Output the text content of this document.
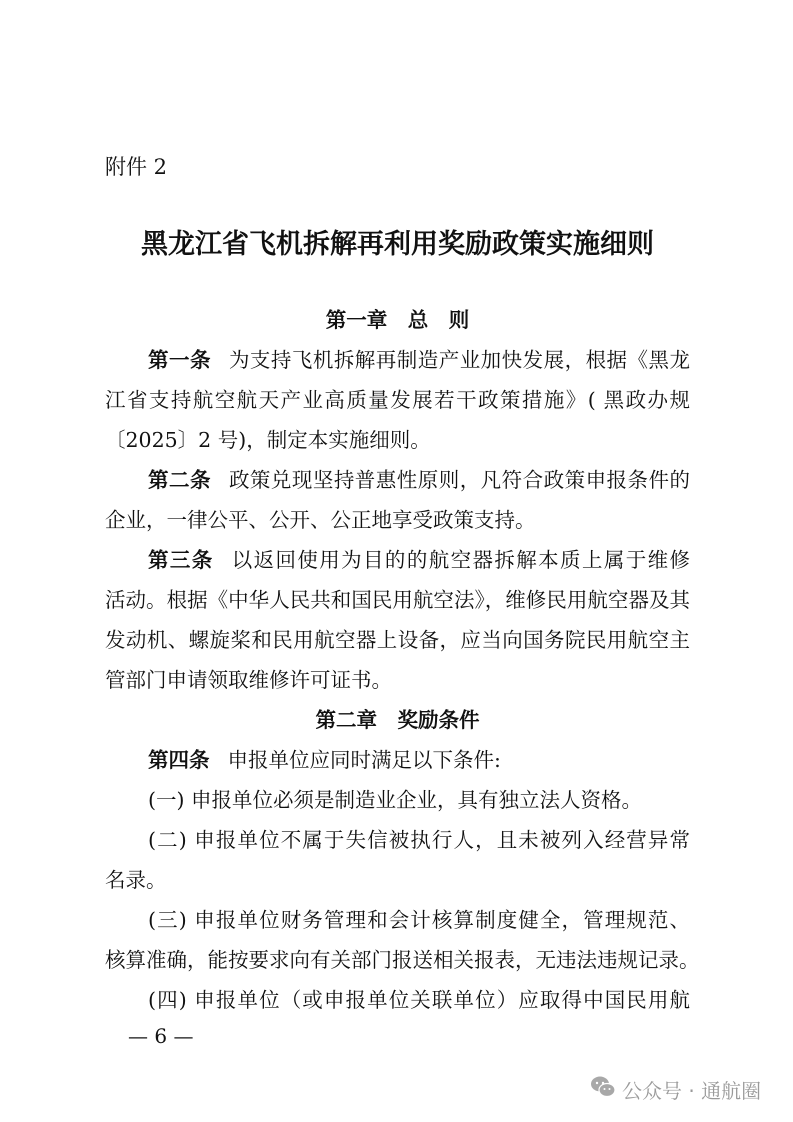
附件 2
黑龙江省飞机拆解再利用奖励政策实施细则
第一章　总　则
第一条 为支持飞机拆解再制造产业加快发展，根据《黑龙
江省支持航空航天产业高质量发展若干政策措施》( 黑政办规
〔2025〕2 号)，制定本实施细则。
第二条 政策兑现坚持普惠性原则，凡符合政策申报条件的
企业，一律公平、公开、公正地享受政策支持。
第三条 以返回使用为目的的航空器拆解本质上属于维修
活动。根据《中华人民共和国民用航空法》，维修民用航空器及其
发动机、螺旋桨和民用航空器上设备，应当向国务院民用航空主
管部门申请领取维修许可证书。
第二章　奖励条件
第四条 申报单位应同时满足以下条件:
(一) 申报单位必须是制造业企业，具有独立法人资格。
(二) 申报单位不属于失信被执行人，且未被列入经营异常
名录。
(三) 申报单位财务管理和会计核算制度健全，管理规范、
核算准确，能按要求向有关部门报送相关报表，无违法违规记录。
(四) 申报单位（或申报单位关联单位）应取得中国民用航
— 6 —
公众号 · 通航圈
